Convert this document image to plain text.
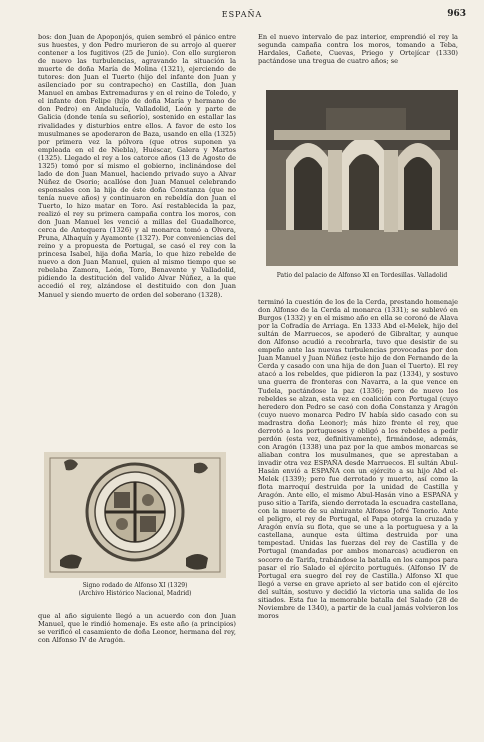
ESPAÑA	963

bos: don Juan de Apoponjós, quien sembró el pánico entre sus huestes, y don Pedro murieron de su arrojo al querer contener a los fugitivos (25 de Junio). Con ello surgieron de nuevo las turbulencias, agravando la situación la muerte de doña María de Molina (1321), ejerciendo de tutores: don Juan el Tuerto (hijo del infante don Juan y asilenciado por su contrapecho) en Castilla, don Juan Manuel en ambas Extremaduras y en el reino de Toledo, y el infante don Felipe (hijo de doña María y hermano de don Pedro) en Andalucía, Valladolid, León y parte de Galicia (donde tenía su señorío), sostenido en estallar las rivalidades y disturbios entre ellos. A favor de esto los musulmanes se apoderaron de Baza, usando en ella (1325) por primera vez la pólvora (que otros suponen ya empleada en el de Niebla), Huéscar, Galera y Martos (1325). Llegado el rey a los catorce años (13 de Agosto de 1325) tomó por sí mismo el gobierno, inclinándose del lado de don Juan Manuel, haciendo privado suyo a Alvar Núñez de Osorio; acallóse don Juan Manuel celebrando esponsales con la hija de éste doña Constanza (que no tenía nueve años) y continuaron en rebeldía don Juan el Tuerto, lo hizo matar en Toro. Así restablecida la paz, realizó el rey su primera campaña contra los moros, con don Juan Manuel les venció a millas del Guadalhorce, cerca de Antequera (1326) y al monarca tomó a Olvera, Pruna, Alhaquín y Ayamonte (1327). Por conveniencias del reino y a propuesta de Portugal, se casó el rey con la princesa Isabel, hija doña María, lo que hizo rebelde de nuevo a don Juan Manuel, quien al mismo tiempo que se rebelaba Zamora, León, Toro, Benavente y Valladolid, pidiendo la destitución del valido Alvar Núñez, a la que accedió el rey, alzándose el destituido con don Juan Manuel y siendo muerto de orden del soberano (1328).

Signo rodado de Alfonso XI (1329)
(Archivo Histórico Nacional, Madrid)

que al año siguiente llegó a un acuerdo con don Juan Manuel, que le rindió homenaje. Es este año (a principios) se verificó el casamiento de doña Leonor, hermana del rey, con Alfonso IV de Aragón.

En el nuevo intervalo de paz interior, emprendió el rey la segunda campaña contra los moros, tomando a Teba, Hardales, Cañete, Cuevas, Priego y Ortejícar (1330) pactándose una tregua de cuatro años; se

Patio del palacio de Alfonso XI en Tordesillas. Valladolid

terminó la cuestión de los de la Cerda, prestando homenaje don Alfonso de la Cerda al monarca (1331); se sublevó en Burgos (1332) y en el mismo año en ella se coronó de Alava por la Cofradía de Arriaga. En 1333 Abd el-Melek, hijo del sultán de Marruecos, se apoderó de Gibraltar, y aunque don Alfonso acudió a recobrarla, tuvo que desistir de su empeño ante las nuevas turbulencias provocadas por don Juan Manuel y Juan Núñez (este hijo de don Fernando de la Cerda y casado con una hija de don Juan el Tuerto). El rey atacó a los rebeldes, que pidieron la paz (1334), y sostuvo una guerra de fronteras con Navarra, a la que vence en Tudela, pactándose la paz (1336); pero de nuevo los rebeldes se alzan, esta vez en coalición con Portugal (cuyo heredero don Pedro se casó con doña Constanza y Aragón (cuyo nuevo monarca Pedro IV había sido casado con su madrastra doña Leonor); más hizo frente el rey, que derrotó a los portugueses y obligó a los rebeldes a pedir perdón (esta vez, definitivamente), firmándose, además, con Aragón (1338) una paz por la que ambos monarcas se aliaban contra los musulmanes, que se aprestaban a invadir otra vez ESPAÑA desde Marruecos. El sultán Abul-Hasán envió a ESPAÑA con un ejército a su hijo Abd el-Melek (1339); pero fue derrotado y muerto, así como la flota marroquí destruida por la unidad de Castilla y Aragón. Ante ello, el mismo Abul-Hasán vino a ESPAÑA y puso sitio a Tarifa, siendo derrotada la escuadra castellana, con la muerte de su almirante Alfonso Jofré Tenorio. Ante el peligro, el rey de Portugal, el Papa otorga la cruzada y Aragón envía su flota, que se une a la portuguesa y a la castellana, aunque esta última destruida por una tempestad. Unidas las fuerzas del rey de Castilla y de Portugal (mandadas por ambos monarcas) acudieron en socorro de Tarifa, trabándose la batalla en los campos para pasar el río Salado el ejército portugués. (Alfonso IV de Portugal era suegro del rey de Castilla.) Alfonso XI que llegó a verse en grave aprieto al ser batido con el ejército del sultán, sostuvo y decidió la victoria una salida de los sitiados. Esta fue la memorable batalla del Salado (28 de Noviembre de 1340), a partir de la cual jamás volvieron los moros
